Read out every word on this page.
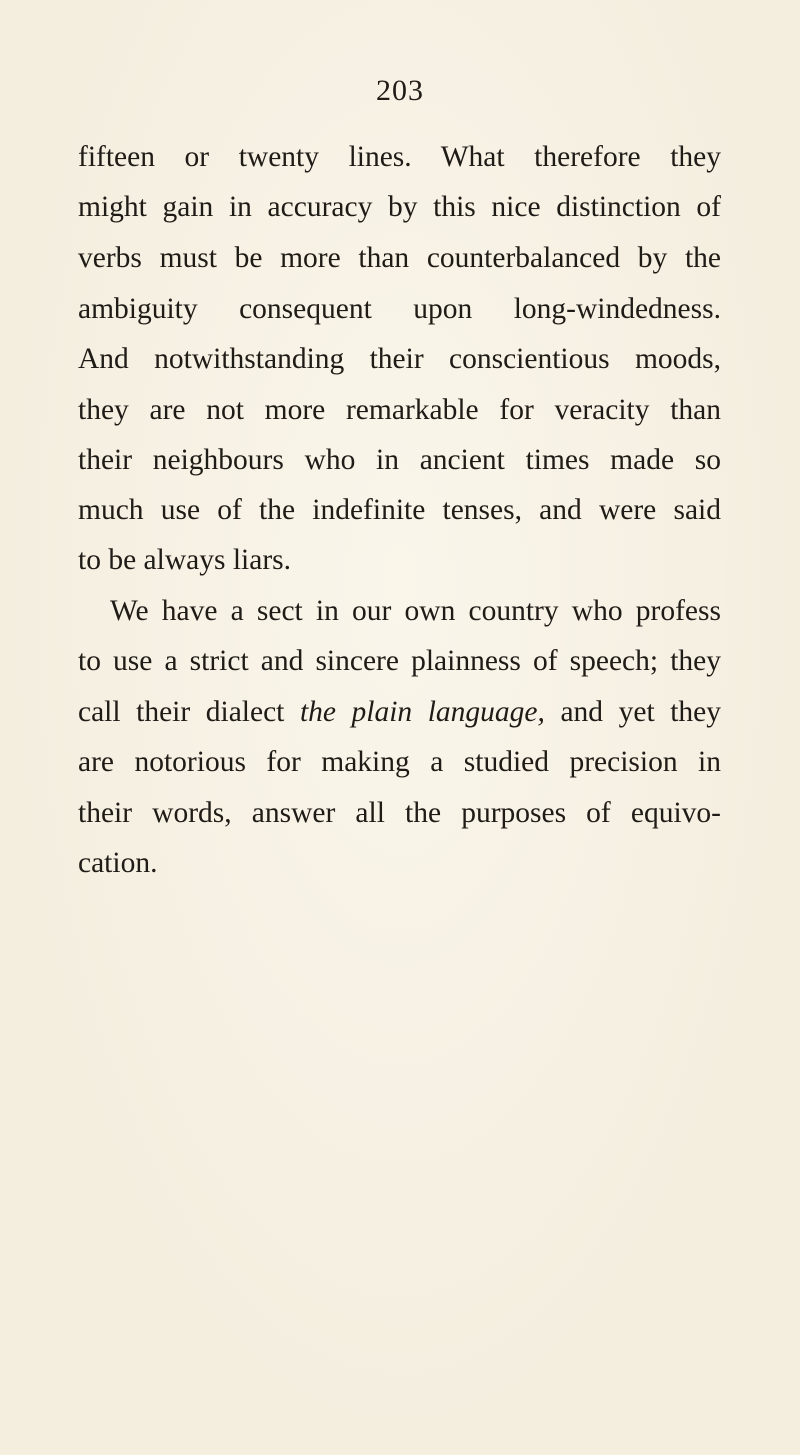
203
fifteen or twenty lines. What therefore they
might gain in accuracy by this nice distinction of
verbs must be more than counterbalanced by the
ambiguity consequent upon long-windedness.
And notwithstanding their conscientious moods,
they are not more remarkable for veracity than
their neighbours who in ancient times made so
much use of the indefinite tenses, and were said
to be always liars.
We have a sect in our own country who profess
to use a strict and sincere plainness of speech; they
call their dialect the plain language, and yet they
are notorious for making a studied precision in
their words, answer all the purposes of equivo-
cation.
